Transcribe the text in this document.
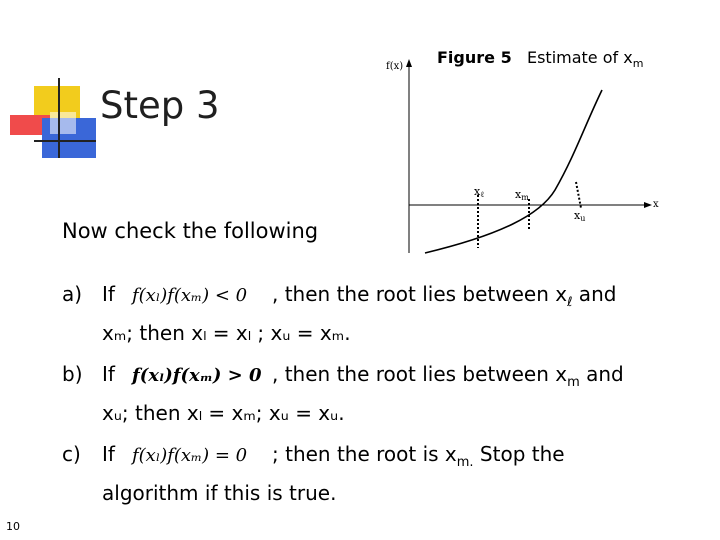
Step 3
Figure 5 Estimate of $x_m$
f(x)
x
xℓ	xm
xu
Now check the following
a) If f(xₗ)f(xₘ) < 0 , then the root lies between $x_\ell$ and
xₘ; then xₗ = xₗ ; xᵤ = xₘ.
b) If f(xₗ)f(xₘ) > 0 , then the root lies between $x_m$ and
xᵤ; then xₗ = xₘ; xᵤ = xᵤ.
c) If f(xₗ)f(xₘ) = 0 ; then the root is $x_{m.}$ Stop the
algorithm if this is true.
10
